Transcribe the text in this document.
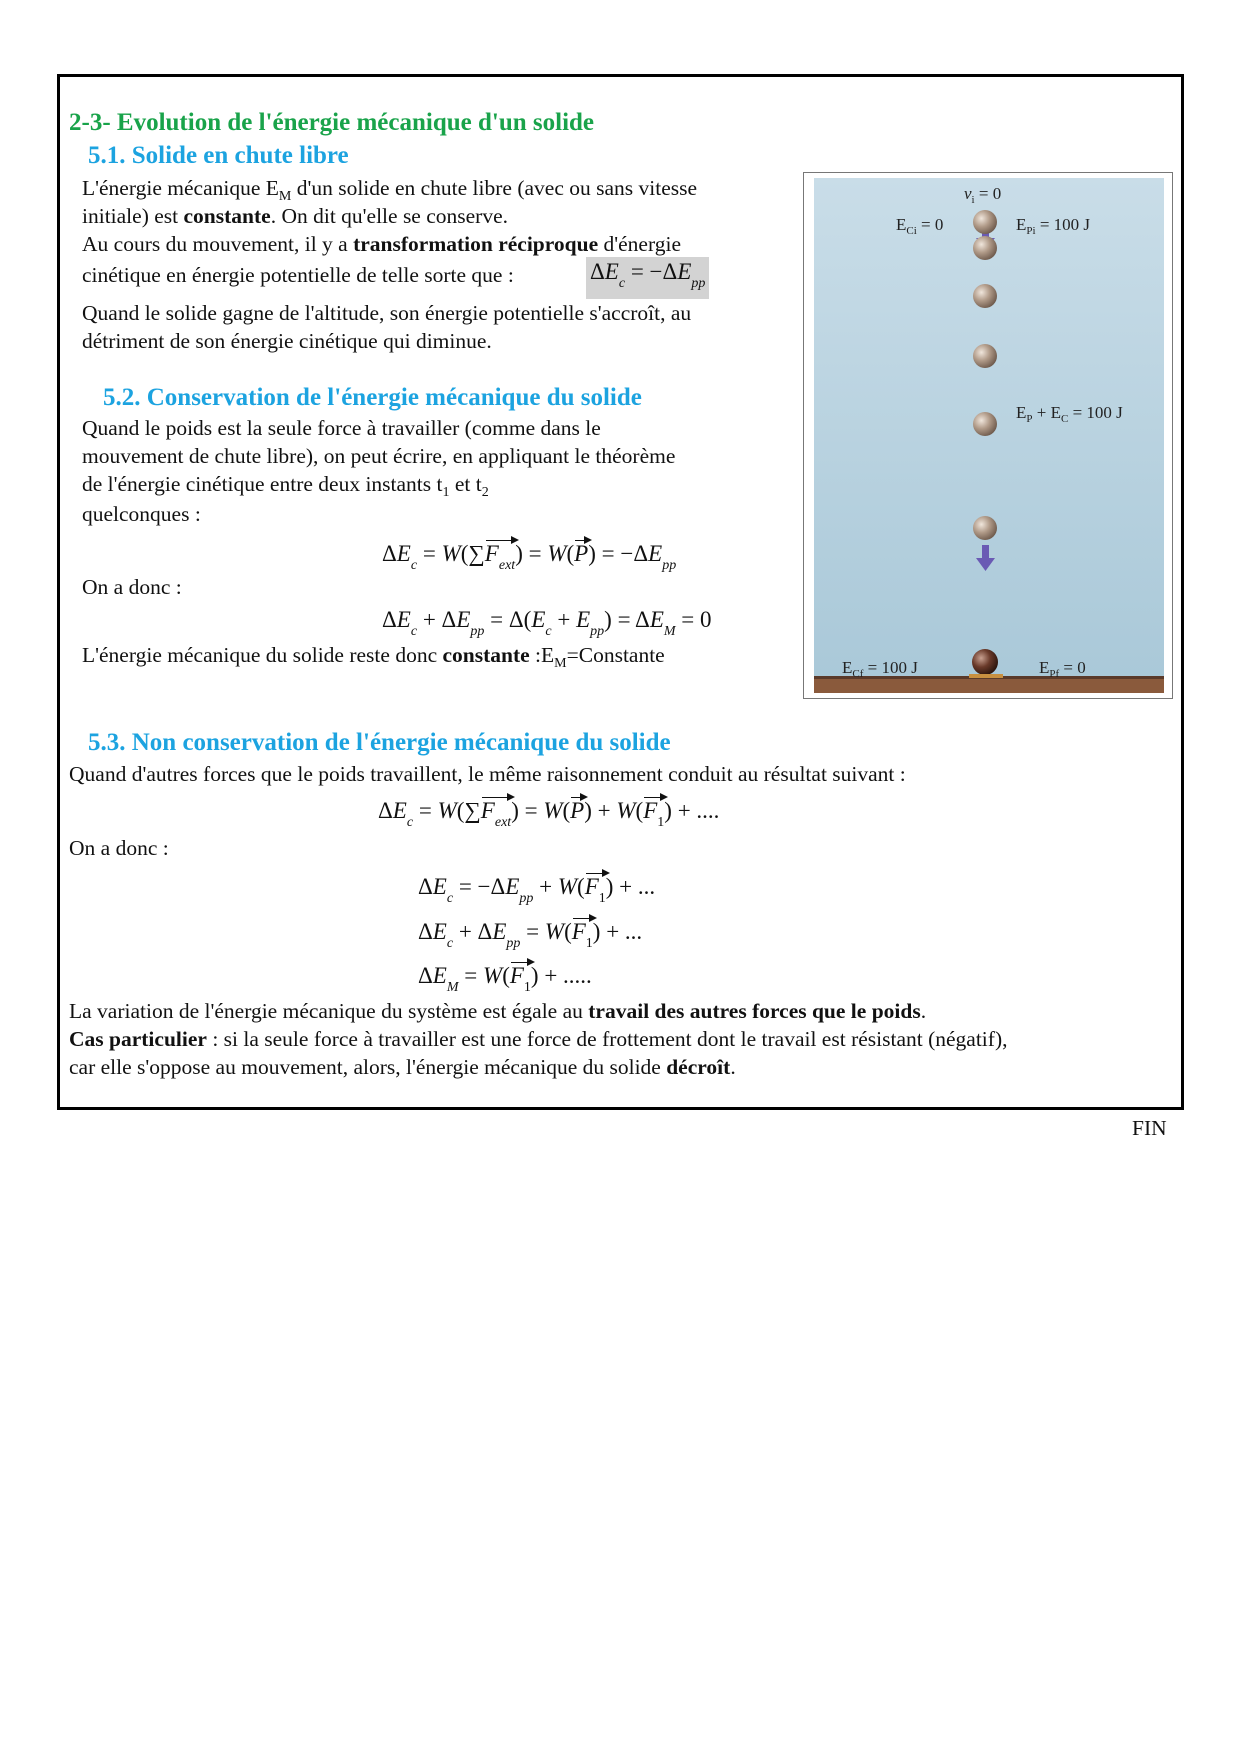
2-3- Evolution de l'énergie mécanique d'un solide
5.1. Solide en chute libre
L'énergie mécanique $E_M$ d'un solide en chute libre (avec ou sans vitesse
initiale) est constante. On dit qu'elle se conserve.
Au cours du mouvement, il y a transformation réciproque d'énergie
cinétique en énergie potentielle de telle sorte que :	$\Delta E_c = -\Delta E_{pp}$
Quand le solide gagne de l'altitude, son énergie potentielle s'accroît, au
détriment de son énergie cinétique qui diminue.
5.2. Conservation de l'énergie mécanique du solide
Quand le poids est la seule force à travailler (comme dans le
mouvement de chute libre), on peut écrire, en appliquant le théorème
de l'énergie cinétique entre deux instants $t_1$ et $t_2$
quelconques :
$\Delta E_c = W(\sum F_{ext}) = W(P) = -\Delta E_{pp}$
On a donc :
$\Delta E_c + \Delta E_{pp} = \Delta(E_c + E_{pp}) = \Delta E_M = 0$
L'énergie mécanique du solide reste donc constante $:E_M=Constante$
$v_i = 0$
$E_{Ci} = 0$	$E_{Pi} = 100$ J
$E_P + E_C = 100$ J
$E_{Cf} = 100$ J	$E_{Pf} = 0$
5.3. Non conservation de l'énergie mécanique du solide
Quand d'autres forces que le poids travaillent, le même raisonnement conduit au résultat suivant :
$\Delta E_c = W(\sum F_{ext}) = W(P) + W(F_1)$ + ....
On a donc :
$\Delta E_c = -\Delta E_{pp} + W(F_1)$ + ...
$\Delta E_c + \Delta E_{pp} = W(F_1)$ + ...
$\Delta E_M = W(F_1)$ + .....
La variation de l'énergie mécanique du système est égale au travail des autres forces que le poids.
Cas particulier : si la seule force à travailler est une force de frottement dont le travail est résistant (négatif),
car elle s'oppose au mouvement, alors, l'énergie mécanique du solide décroît.
FIN
